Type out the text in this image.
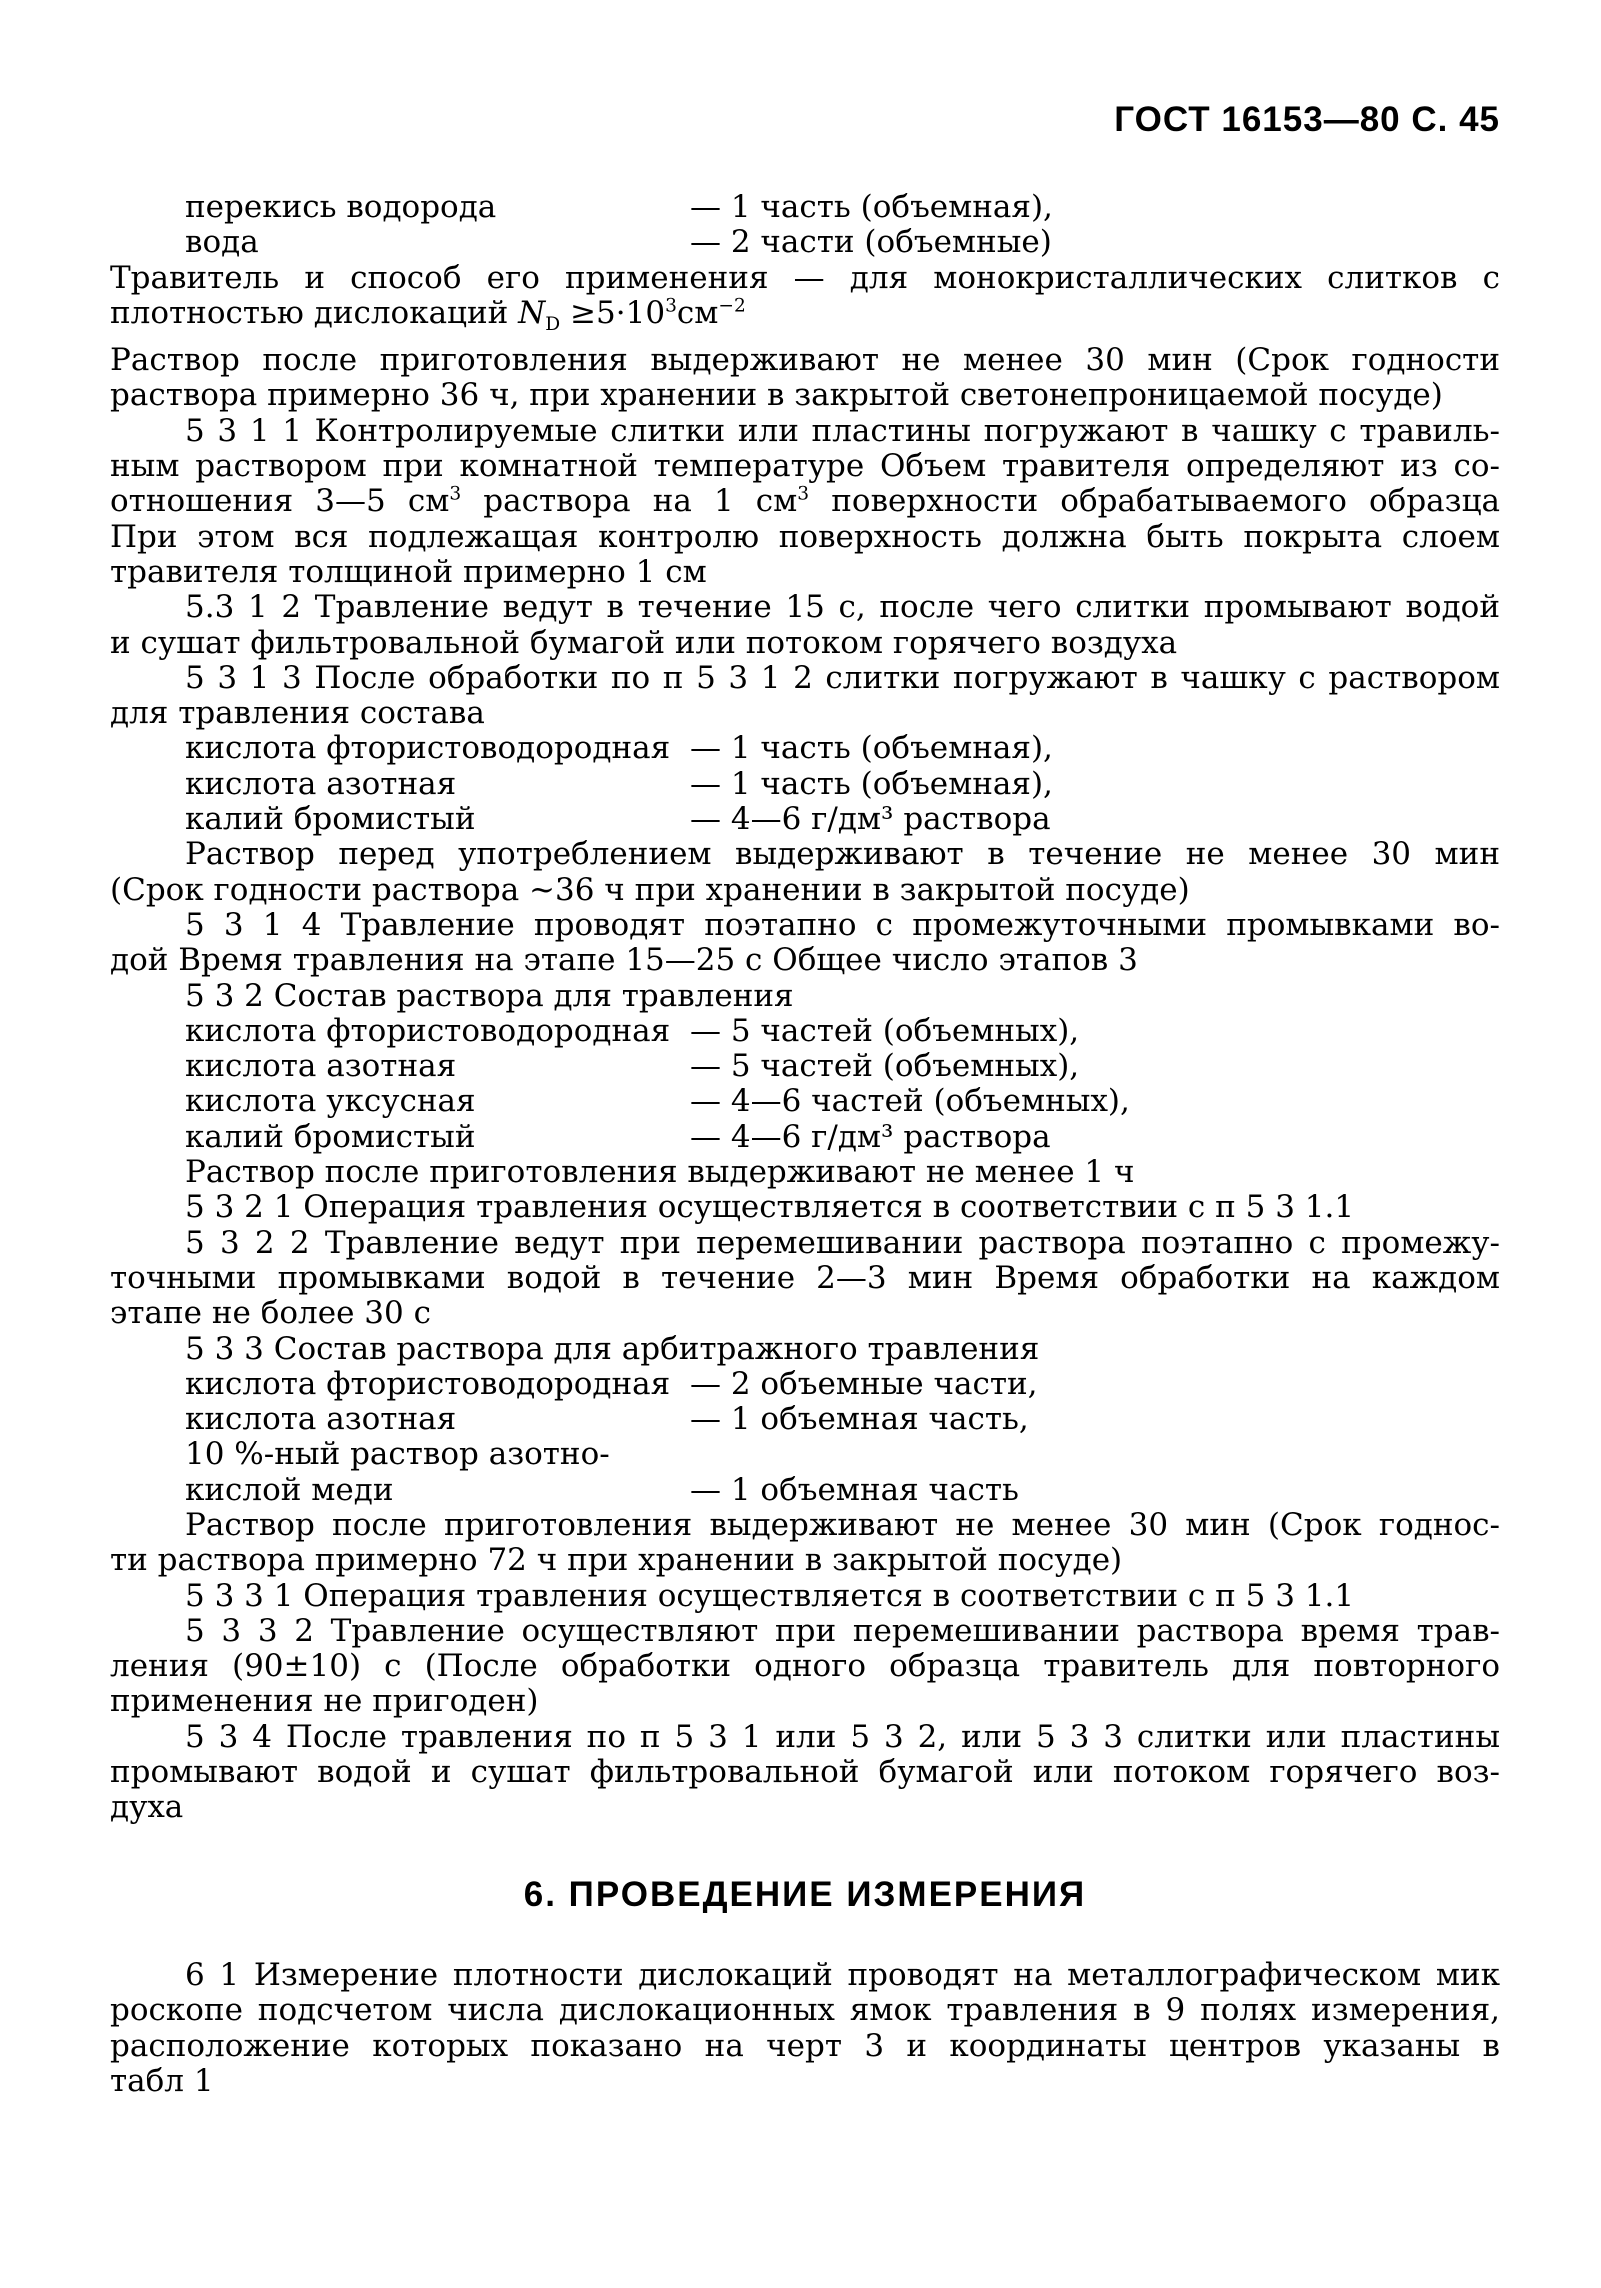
ГОСТ 16153—80 С. 45
перекись водорода	— 1 часть (объемная),
вода	— 2 части (объемные)

Травитель и способ его применения — для монокристаллических слитков с

плотностью дислокаций $N_D \ge 5\cdot 10^3см^{-2}$

Раствор после приготовления выдерживают не менее 30 мин (Срок годности

раствора примерно 36 ч, при хранении в закрытой светонепроницаемой посуде)

5 3 1 1 Контролируемые слитки или пластины погружают в чашку с травиль-

ным раствором при комнатной температуре Объем травителя определяют из со-

отношения 3—5 $см^3$ раствора на 1 $см^3$ поверхности обрабатываемого образца

При этом вся подлежащая контролю поверхность должна быть покрыта слоем

травителя толщиной примерно 1 см

5.3 1 2 Травление ведут в течение 15 с, после чего слитки промывают водой

и сушат фильтровальной бумагой или потоком горячего воздуха

5 3 1 3 После обработки по п 5 3 1 2 слитки погружают в чашку с раствором

для травления состава

кислота фтористоводородная — 1 часть (объемная),
кислота азотная	— 1 часть (объемная),
калий бромистый	— 4—6 г/дм³ раствора

Раствор перед употреблением выдерживают в течение не менее 30 мин

(Срок годности раствора ~36 ч при хранении в закрытой посуде)

5 3 1 4 Травление проводят поэтапно с промежуточными промывками во-

дой Время травления на этапе 15—25 с Общее число этапов 3

5 3 2 Состав раствора для травления

кислота фтористоводородная — 5 частей (объемных),
кислота азотная	— 5 частей (объемных),
кислота уксусная	— 4—6 частей (объемных),
калий бромистый	— 4—6 г/дм³ раствора

Раствор после приготовления выдерживают не менее 1 ч

5 3 2 1 Операция травления осуществляется в соответствии с п 5 3 1.1

5 3 2 2 Травление ведут при перемешивании раствора поэтапно с промежу-

точными промывками водой в течение 2—3 мин Время обработки на каждом

этапе не более 30 с

5 3 3 Состав раствора для арбитражного травления

кислота фтористоводородная — 2 объемные части,
кислота азотная	— 1 объемная часть,
10 %-ный раствор азотно-
кислой меди	— 1 объемная часть

Раствор после приготовления выдерживают не менее 30 мин (Срок годнос-

ти раствора примерно 72 ч при хранении в закрытой посуде)

5 3 3 1 Операция травления осуществляется в соответствии с п 5 3 1.1

5 3 3 2 Травление осуществляют при перемешивании раствора время трав-

ления (90±10) с (После обработки одного образца травитель для повторного

применения не пригоден)

5 3 4 После травления по п 5 3 1 или 5 3 2, или 5 3 3 слитки или пластины

промывают водой и сушат фильтровальной бумагой или потоком горячего воз-

духа

6. ПРОВЕДЕНИЕ ИЗМЕРЕНИЯ

6 1 Измерение плотности дислокаций проводят на металлографическом мик

роскопе подсчетом числа дислокационных ямок травления в 9 полях измерения,

расположение которых показано на черт 3 и координаты центров указаны в

табл 1
